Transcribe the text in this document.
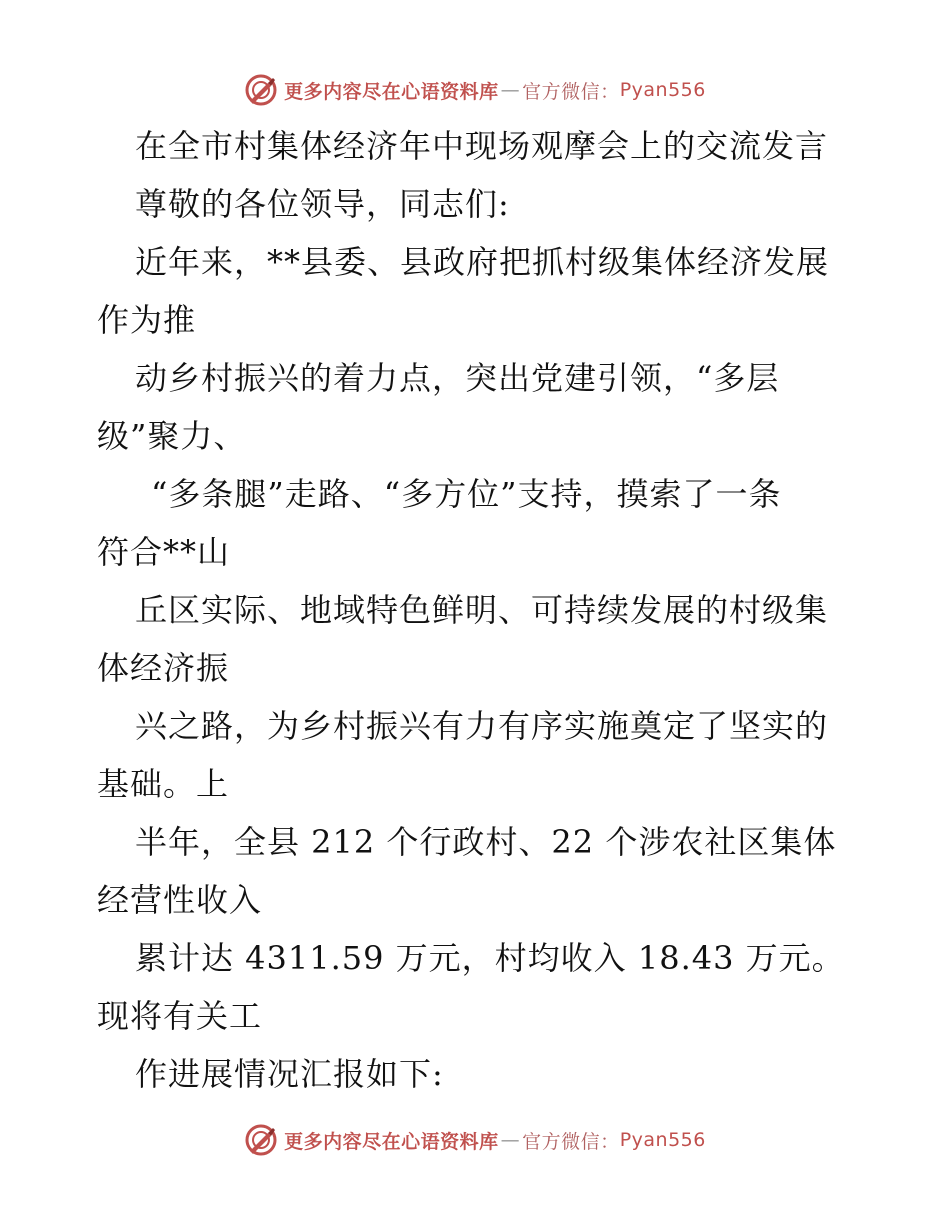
更多内容尽在心语资料库 — 官方微信： Pyan556
在全市村集体经济年中现场观摩会上的交流发言
尊敬的各位领导，同志们:
近年来，**县委、县政府把抓村级集体经济发展
作为推
动乡村振兴的着力点，突出党建引领，“多层
级”聚力、
“多条腿”走路、“多方位”支持，摸索了一条
符合**山
丘区实际、地域特色鲜明、可持续发展的村级集
体经济振
兴之路，为乡村振兴有力有序实施奠定了坚实的
基础。上
半年，全县 212 个行政村、22 个涉农社区集体
经营性收入
累计达 4311.59 万元，村均收入 18.43 万元。
现将有关工
作进展情况汇报如下:
更多内容尽在心语资料库 — 官方微信： Pyan556
